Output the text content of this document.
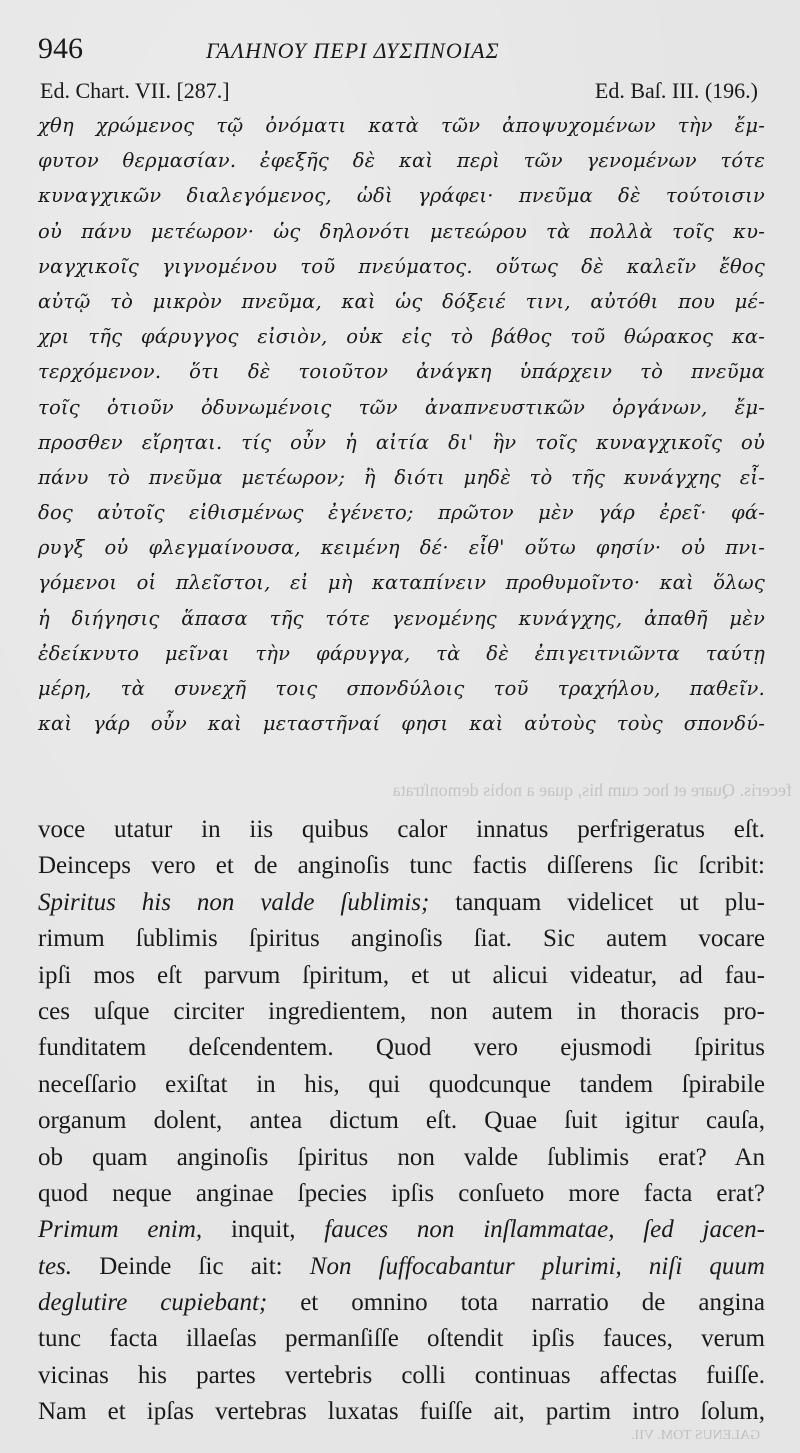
feceris. Quare et hoc cum his, quae a nobis demonſtrata
946	ΓΑΛΗΝΟΥ ΠΕΡΙ ΔΥΣΠΝΟΙΑΣ
Ed. Chart. VII. [287.]	Ed. Baſ. III. (196.)
χθη χρώμενος τῷ ὀνόματι κατὰ τῶν ἀποψυχομένων τὴν ἔμ-
φυτον θερμασίαν. ἐφεξῆς δὲ καὶ περὶ τῶν γενομένων τότε
κυναγχικῶν διαλεγόμενος, ὡδὶ γράφει· πνεῦμα δὲ τούτοισιν
οὐ πάνυ μετέωρον· ὡς δηλονότι μετεώρου τὰ πολλὰ τοῖς κυ-
ναγχικοῖς γιγνομένου τοῦ πνεύματος. οὕτως δὲ καλεῖν ἔθος
αὐτῷ τὸ μικρὸν πνεῦμα, καὶ ὡς δόξειέ τινι, αὐτόθι που μέ-
χρι τῆς φάρυγγος εἰσιὸν, οὐκ εἰς τὸ βάθος τοῦ θώρακος κα-
τερχόμενον. ὅτι δὲ τοιοῦτον ἀνάγκη ὑπάρχειν τὸ πνεῦμα
τοῖς ὁτιοῦν ὀδυνωμένοις τῶν ἀναπνευστικῶν ὀργάνων, ἔμ-
προσθεν εἴρηται. τίς οὖν ἡ αἰτία δι' ἣν τοῖς κυναγχικοῖς οὐ
πάνυ τὸ πνεῦμα μετέωρον; ἢ διότι μηδὲ τὸ τῆς κυνάγχης εἶ-
δος αὐτοῖς εἰθισμένως ἐγένετο; πρῶτον μὲν γάρ ἐρεῖ· φά-
ρυγξ οὐ φλεγμαίνουσα, κειμένη δέ· εἶθ' οὕτω φησίν· οὐ πνι-
γόμενοι οἱ πλεῖστοι, εἰ μὴ καταπίνειν προθυμοῖντο· καὶ ὅλως
ἡ διήγησις ἅπασα τῆς τότε γενομένης κυνάγχης, ἀπαθῆ μὲν
ἐδείκνυτο μεῖναι τὴν φάρυγγα, τὰ δὲ ἐπιγειτνιῶντα ταύτῃ
μέρη, τὰ συνεχῆ τοις σπονδύλοις τοῦ τραχήλου, παθεῖν.
καὶ γάρ οὖν καὶ μεταστῆναί φησι καὶ αὐτοὺς τοὺς σπονδύ-
voce utatur in iis quibus calor innatus perfrigeratus eſt.
Deinceps vero et de anginoſis tunc factis diſſerens ſic ſcribit:
Spiritus his non valde ſublimis; tanquam videlicet ut plu-
rimum ſublimis ſpiritus anginoſis ſiat. Sic autem vocare
ipſi mos eſt parvum ſpiritum, et ut alicui videatur, ad fau-
ces uſque circiter ingredientem, non autem in thoracis pro-
funditatem deſcendentem. Quod vero ejusmodi ſpiritus
neceſſario exiſtat in his, qui quodcunque tandem ſpirabile
organum dolent, antea dictum eſt. Quae ſuit igitur cauſa,
ob quam anginoſis ſpiritus non valde ſublimis erat? An
quod neque anginae ſpecies ipſis conſueto more facta erat?
Primum enim, inquit, fauces non inſlammatae, ſed jacen-
tes. Deinde ſic ait: Non ſuffocabantur plurimi, niſi quum
deglutire cupiebant; et omnino tota narratio de angina
tunc facta illaeſas permanſiſſe oſtendit ipſis fauces, verum
vicinas his partes vertebris colli continuas affectas fuiſſe.
Nam et ipſas vertebras luxatas fuiſſe ait, partim intro ſolum,
GALENUS TOM. VII.
